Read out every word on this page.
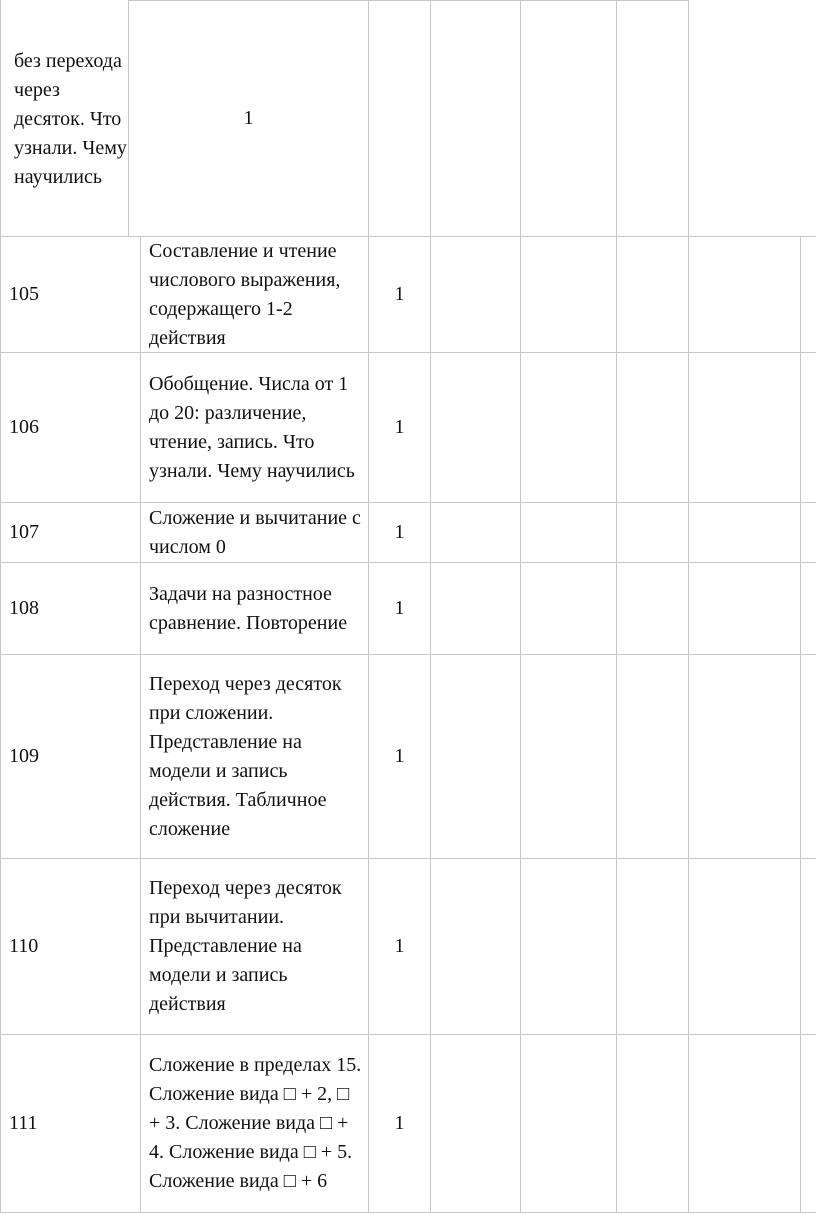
без перехода через десяток. Что узнали. Чему научились
1
105
Составление и чтение числового выражения, содержащего 1-2 действия
1
106
Обобщение. Числа от 1 до 20: различение, чтение, запись. Что узнали. Чему научились
1
107
Сложение и вычитание с числом 0
1
108
Задачи на разностное сравнение. Повторение
1
109
Переход через десяток при сложении. Представление на модели и запись действия. Табличное сложение
1
110
Переход через десяток при вычитании. Представление на модели и запись действия
1
111
Сложение в пределах 15. Сложение вида □ + 2, □ + 3. Сложение вида □ + 4. Сложение вида □ + 5. Сложение вида □ + 6
1
